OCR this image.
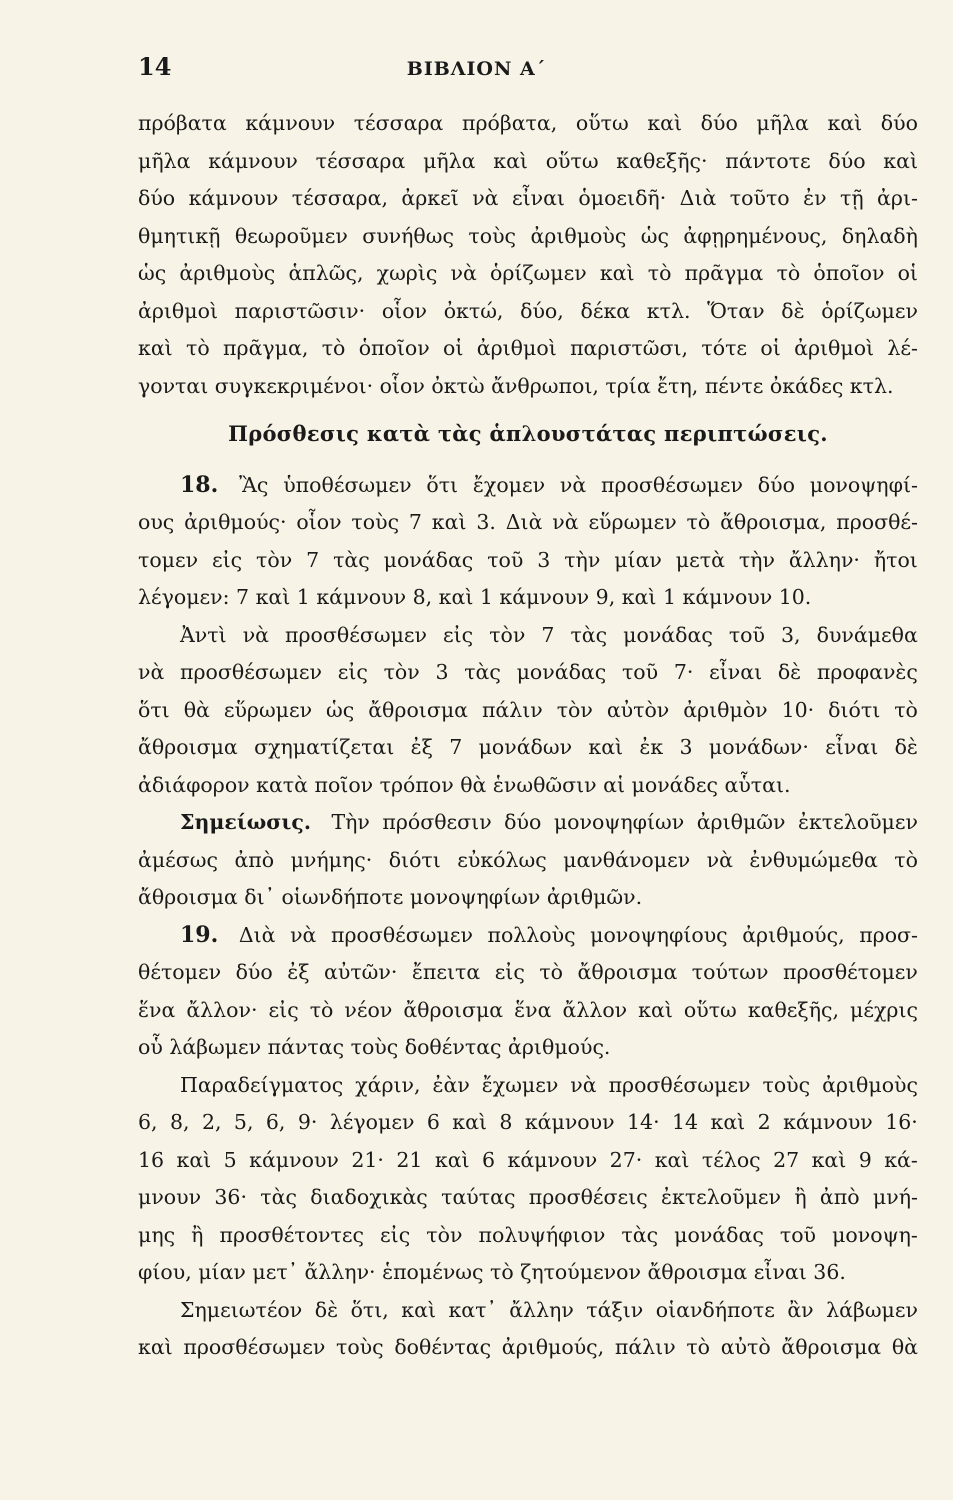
14	ΒΙΒΛΙΟΝ Α΄
πρόβατα κάμνουν τέσσαρα πρόβατα, οὕτω καὶ δύο μῆλα καὶ δύο
μῆλα κάμνουν τέσσαρα μῆλα καὶ οὕτω καθεξῆς· πάντοτε δύο καὶ
δύο κάμνουν τέσσαρα, ἀρκεῖ νὰ εἶναι ὁμοειδῆ· Διὰ τοῦτο ἐν τῇ ἀρι-
θμητικῇ θεωροῦμεν συνήθως τοὺς ἀριθμοὺς ὡς ἀφῃρημένους, δηλαδὴ
ὡς ἀριθμοὺς ἁπλῶς, χωρὶς νὰ ὁρίζωμεν καὶ τὸ πρᾶγμα τὸ ὁποῖον οἱ
ἀριθμοὶ παριστῶσιν· οἷον ὀκτώ, δύο, δέκα κτλ. Ὅταν δὲ ὁρίζωμεν
καὶ τὸ πρᾶγμα, τὸ ὁποῖον οἱ ἀριθμοὶ παριστῶσι, τότε οἱ ἀριθμοὶ λέ-
γονται συγκεκριμένοι· οἷον ὀκτὼ ἄνθρωποι, τρία ἔτη, πέντε ὀκάδες κτλ.
Πρόσθεσις κατὰ τὰς ἁπλουστάτας περιπτώσεις.
18. Ἂς ὑποθέσωμεν ὅτι ἔχομεν νὰ προσθέσωμεν δύο μονοψηφί-
ους ἀριθμούς· οἷον τοὺς 7 καὶ 3. Διὰ νὰ εὕρωμεν τὸ ἄθροισμα, προσθέ-
τομεν εἰς τὸν 7 τὰς μονάδας τοῦ 3 τὴν μίαν μετὰ τὴν ἄλλην· ἤτοι
λέγομεν: 7 καὶ 1 κάμνουν 8, καὶ 1 κάμνουν 9, καὶ 1 κάμνουν 10.
Ἀντὶ νὰ προσθέσωμεν εἰς τὸν 7 τὰς μονάδας τοῦ 3, δυνάμεθα
νὰ προσθέσωμεν εἰς τὸν 3 τὰς μονάδας τοῦ 7· εἶναι δὲ προφανὲς
ὅτι θὰ εὕρωμεν ὡς ἄθροισμα πάλιν τὸν αὐτὸν ἀριθμὸν 10· διότι τὸ
ἄθροισμα σχηματίζεται ἐξ 7 μονάδων καὶ ἐκ 3 μονάδων· εἶναι δὲ
ἀδιάφορον κατὰ ποῖον τρόπον θὰ ἑνωθῶσιν αἱ μονάδες αὗται.
Σημείωσις. Τὴν πρόσθεσιν δύο μονοψηφίων ἀριθμῶν ἐκτελοῦμεν
ἀμέσως ἀπὸ μνήμης· διότι εὐκόλως μανθάνομεν νὰ ἐνθυμώμεθα τὸ
ἄθροισμα δι᾽ οἱωνδήποτε μονοψηφίων ἀριθμῶν.
19. Διὰ νὰ προσθέσωμεν πολλοὺς μονοψηφίους ἀριθμούς, προσ-
θέτομεν δύο ἐξ αὐτῶν· ἔπειτα εἰς τὸ ἄθροισμα τούτων προσθέτομεν
ἕνα ἄλλον· εἰς τὸ νέον ἄθροισμα ἕνα ἄλλον καὶ οὕτω καθεξῆς, μέχρις
οὗ λάβωμεν πάντας τοὺς δοθέντας ἀριθμούς.
Παραδείγματος χάριν, ἐὰν ἔχωμεν νὰ προσθέσωμεν τοὺς ἀριθμοὺς
6, 8, 2, 5, 6, 9· λέγομεν 6 καὶ 8 κάμνουν 14· 14 καὶ 2 κάμνουν 16·
16 καὶ 5 κάμνουν 21· 21 καὶ 6 κάμνουν 27· καὶ τέλος 27 καὶ 9 κά-
μνουν 36· τὰς διαδοχικὰς ταύτας προσθέσεις ἐκτελοῦμεν ἢ ἀπὸ μνή-
μης ἢ προσθέτοντες εἰς τὸν πολυψήφιον τὰς μονάδας τοῦ μονοψη-
φίου, μίαν μετ᾽ ἄλλην· ἑπομένως τὸ ζητούμενον ἄθροισμα εἶναι 36.
Σημειωτέον δὲ ὅτι, καὶ κατ᾽ ἄλλην τάξιν οἱανδήποτε ἂν λάβωμεν
καὶ προσθέσωμεν τοὺς δοθέντας ἀριθμούς, πάλιν τὸ αὐτὸ ἄθροισμα θὰ
